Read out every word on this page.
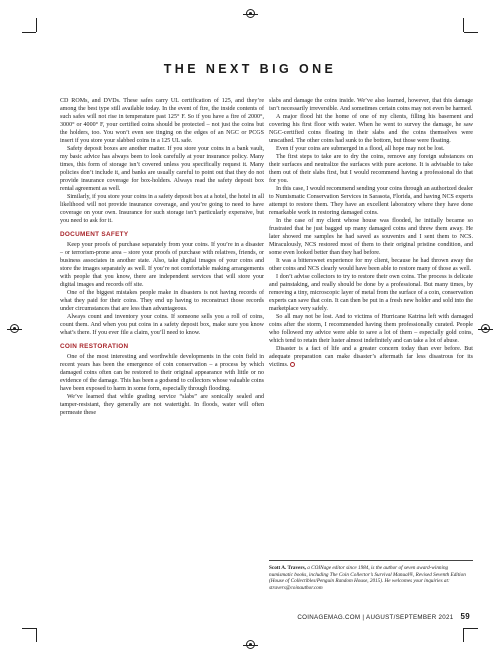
THE NEXT BIG ONE

CD ROMs, and DVDs. These safes carry UL certification of 125, and they’re among the best type still available today. In the event of fire, the inside contents of such safes will not rise in temperature past 125° F. So if you have a fire of 2000°, 3000° or 4000° F, your certified coins should be protected – not just the coins but the holders, too. You won’t even see tinging on the edges of an NGC or PCGS insert if you store your slabbed coins in a 125 UL safe.

Safety deposit boxes are another matter. If you store your coins in a bank vault, my basic advice has always been to look carefully at your insurance policy. Many times, this form of storage isn’t covered unless you specifically request it. Many policies don’t include it, and banks are usually careful to point out that they do not provide insurance coverage for box-holders. Always read the safety deposit box rental agreement as well.

Similarly, if you store your coins in a safety deposit box at a hotel, the hotel in all likelihood will not provide insurance coverage, and you’re going to need to have coverage on your own. Insurance for such storage isn’t particularly expensive, but you need to ask for it.

DOCUMENT SAFETY

Keep your proofs of purchase separately from your coins. If you’re in a disaster – or terrorism-prone area – store your proofs of purchase with relatives, friends, or business associates in another state. Also, take digital images of your coins and store the images separately as well. If you’re not comfortable making arrangements with people that you know, there are independent services that will store your digital images and records off site.

One of the biggest mistakes people make in disasters is not having records of what they paid for their coins. They end up having to reconstruct those records under circumstances that are less than advantageous.

Always count and inventory your coins. If someone sells you a roll of coins, count them. And when you put coins in a safety deposit box, make sure you know what’s there. If you ever file a claim, you’ll need to know.

COIN RESTORATION

One of the most interesting and worthwhile developments in the coin field in recent years has been the emergence of coin conservation – a process by which damaged coins often can be restored to their original appearance with little or no evidence of the damage. This has been a godsend to collectors whose valuable coins have been exposed to harm in some form, especially through flooding.

We’ve learned that while grading service “slabs” are sonically sealed and tamper-resistant, they generally are not watertight. In floods, water will often permeate these

slabs and damage the coins inside. We’ve also learned, however, that this damage isn’t necessarily irreversible. And sometimes certain coins may not even be harmed.

A major flood hit the home of one of my clients, filling his basement and covering his first floor with water. When he went to survey the damage, he saw NGC-certified coins floating in their slabs and the coins themselves were unscathed. The other coins had sunk to the bottom, but those were floating.

Even if your coins are submerged in a flood, all hope may not be lost.

The first steps to take are to dry the coins, remove any foreign substances on their surfaces and neutralize the surfaces with pure acetone. It is advisable to take them out of their slabs first, but I would recommend having a professional do that for you.

In this case, I would recommend sending your coins through an authorized dealer to Numismatic Conservation Services in Sarasota, Florida, and having NCS experts attempt to restore them. They have an excellent laboratory where they have done remarkable work in restoring damaged coins.

In the case of my client whose house was flooded, he initially became so frustrated that he just bagged up many damaged coins and threw them away. He later showed me samples he had saved as souvenirs and I sent them to NCS. Miraculously, NCS restored most of them to their original pristine condition, and some even looked better than they had before.

It was a bittersweet experience for my client, because he had thrown away the other coins and NCS clearly would have been able to restore many of those as well.

I don’t advise collectors to try to restore their own coins. The process is delicate and painstaking, and really should be done by a professional. But many times, by removing a tiny, microscopic layer of metal from the surface of a coin, conservation experts can save that coin. It can then be put in a fresh new holder and sold into the marketplace very safely.

So all may not be lost. And to victims of Hurricane Katrina left with damaged coins after the storm, I recommended having them professionally curated. People who followed my advice were able to save a lot of them – especially gold coins, which tend to retain their luster almost indefinitely and can take a lot of abuse.

Disaster is a fact of life and a greater concern today than ever before. But adequate preparation can make disaster’s aftermath far less disastrous for its victims.

Scott A. Travers, a COINage editor since 1984, is the author of seven award-winning numismatic books, including The Coin Collector’s Survival Manual®, Revised Seventh Edition (House of Collectibles/Penguin Random House, 2015). He welcomes your inquiries at: stravers@coinauthor.com
COINAGEMAG.COM | AUGUST/SEPTEMBER 2021 59
